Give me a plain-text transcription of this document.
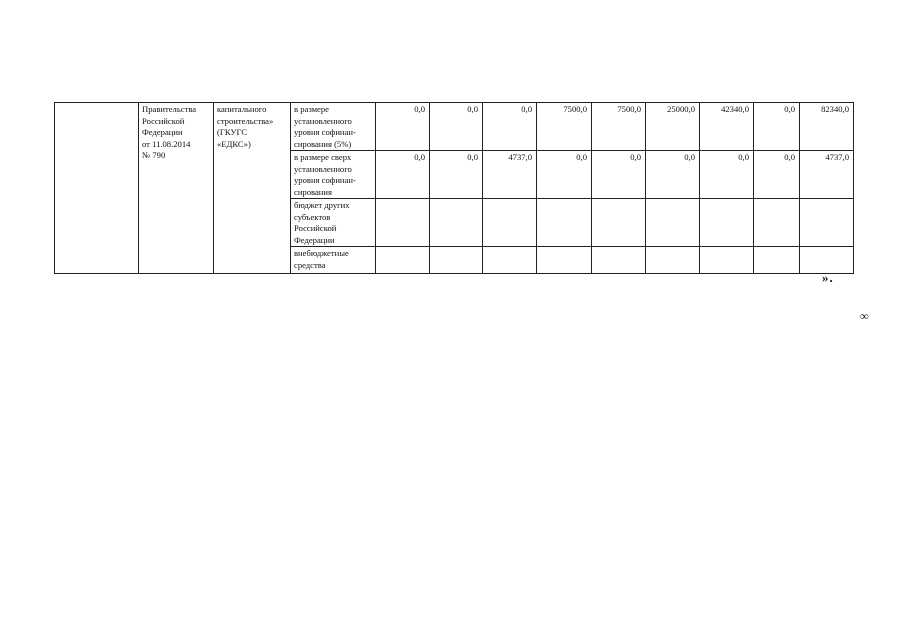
	Правительства
Российской
Федерации
от 11.08.2014
№ 790	капитального
строительства»
(ГКУГС
«ЕДКС»)	в размере
установленного
уровня софинан-
сирования (5%)	0,0	0,0	0,0	7500,0	7500,0	25000,0	42340,0	0,0	82340,0
			в размере сверх
установленного
уровня софинан-
сирования	0,0	0,0	4737,0	0,0	0,0	0,0	0,0	0,0	4737,0
			бюджет других
субъектов
Российской
Федерации									
			внебюджетные
средства									
».
∞
